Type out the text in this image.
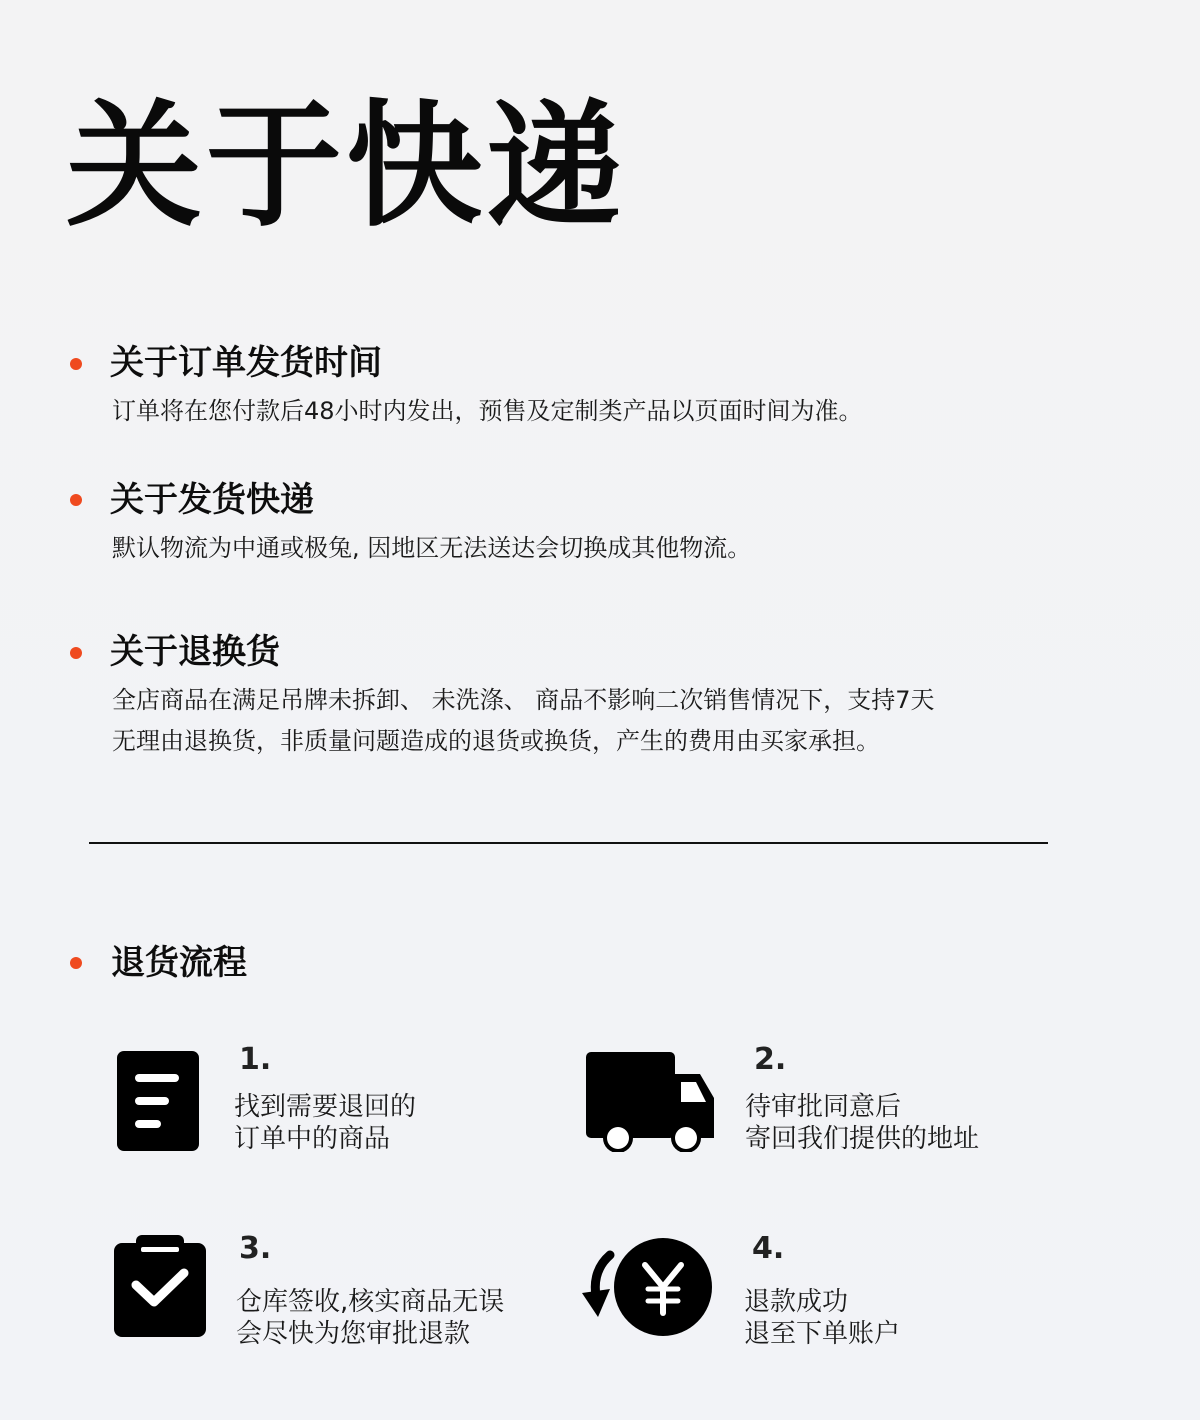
关于快递
关于订单发货时间

订单将在您付款后48小时内发出，预售及定制类产品以页面时间为准。

关于发货快递

默认物流为中通或极兔, 因地区无法送达会切换成其他物流。

关于退换货

全店商品在满足吊牌未拆卸、 未洗涤、 商品不影响二次销售情况下，支持7天

无理由退换货，非质量问题造成的退货或换货，产生的费用由买家承担。

退货流程

1.

找到需要退回的

订单中的商品

2.

待审批同意后

寄回我们提供的地址

3.

仓库签收,核实商品无误

会尽快为您审批退款

4.

退款成功

退至下单账户
